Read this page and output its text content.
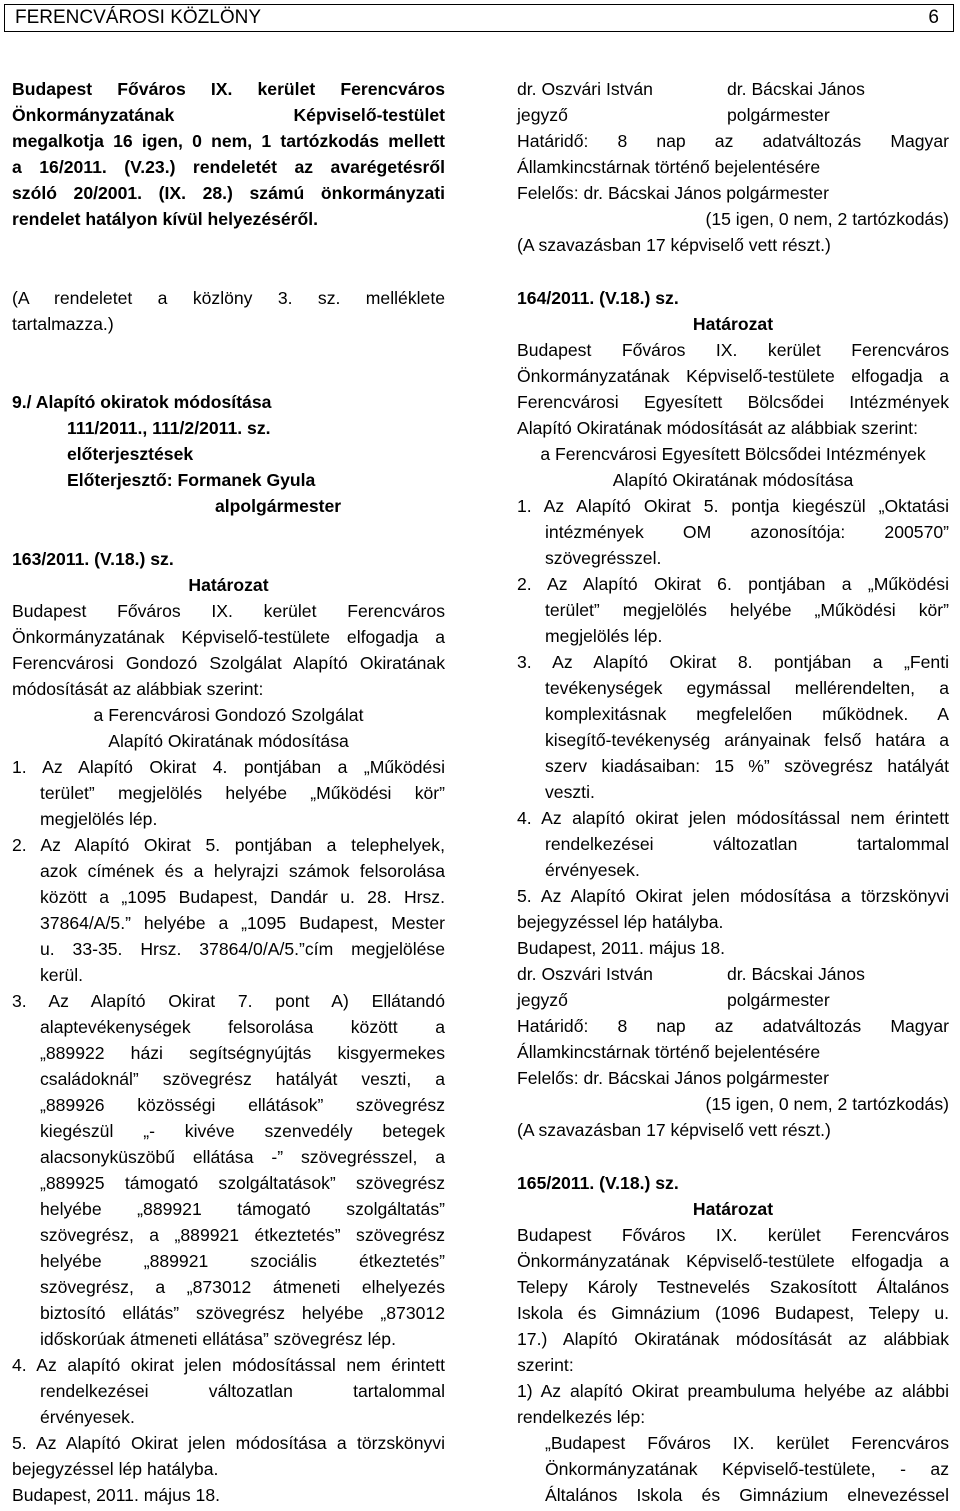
FERENCVÁROSI KÖZLÖNY	6
Budapest Főváros IX. kerület Ferencváros
Önkormányzatának Képviselő-testület
megalkotja 16 igen, 0 nem, 1 tartózkodás mellett
a 16/2011. (V.23.) rendeletét az avarégetésről
szóló 20/2001. (IX. 28.) számú önkormányzati
rendelet hatályon kívül helyezéséről.
(A rendeletet a közlöny 3. sz. melléklete
tartalmazza.)
9./ Alapító okiratok módosítása
111/2011., 111/2/2011. sz.
előterjesztések
Előterjesztő: Formanek Gyula
alpolgármester
163/2011. (V.18.) sz.
Határozat
Budapest Főváros IX. kerület Ferencváros
Önkormányzatának Képviselő-testülete elfogadja a
Ferencvárosi Gondozó Szolgálat Alapító Okiratának
módosítását az alábbiak szerint:
a Ferencvárosi Gondozó Szolgálat
Alapító Okiratának módosítása
1. Az Alapító Okirat 4. pontjában a „Működési
terület” megjelölés helyébe „Működési kör”
megjelölés lép.
2. Az Alapító Okirat 5. pontjában a telephelyek,
azok címének és a helyrajzi számok felsorolása
között a „1095 Budapest, Dandár u. 28. Hrsz.
37864/A/5.” helyébe a „1095 Budapest, Mester
u. 33-35. Hrsz. 37864/0/A/5.”cím megjelölése
kerül.
3. Az Alapító Okirat 7. pont A) Ellátandó
alaptevékenységek felsorolása között a
„889922 házi segítségnyújtás kisgyermekes
családoknál” szövegrész hatályát veszti, a
„889926 közösségi ellátások” szövegrész
kiegészül „- kivéve szenvedély betegek
alacsonyküszöbű ellátása -” szövegrésszel, a
„889925 támogató szolgáltatások” szövegrész
helyébe „889921 támogató szolgáltatás”
szövegrész, a „889921 étkeztetés” szövegrész
helyébe „889921 szociális étkeztetés”
szövegrész, a „873012 átmeneti elhelyezés
biztosító ellátás” szövegrész helyébe „873012
időskorúak átmeneti ellátása” szövegrész lép.
4. Az alapító okirat jelen módosítással nem érintett
rendelkezései változatlan tartalommal
érvényesek.
5. Az Alapító Okirat jelen módosítása a törzskönyvi
bejegyzéssel lép hatályba.
Budapest, 2011. május 18.
dr. Oszvári István	dr. Bácskai János
jegyző	polgármester
Határidő: 8 nap az adatváltozás Magyar
Államkincstárnak történő bejelentésére
Felelős: dr. Bácskai János polgármester
(15 igen, 0 nem, 2 tartózkodás)
(A szavazásban 17 képviselő vett részt.)
164/2011. (V.18.) sz.
Határozat
Budapest Főváros IX. kerület Ferencváros
Önkormányzatának Képviselő-testülete elfogadja a
Ferencvárosi Egyesített Bölcsődei Intézmények
Alapító Okiratának módosítását az alábbiak szerint:
a Ferencvárosi Egyesített Bölcsődei Intézmények
Alapító Okiratának módosítása
1. Az Alapító Okirat 5. pontja kiegészül „Oktatási
intézmények OM azonosítója: 200570”
szövegrésszel.
2. Az Alapító Okirat 6. pontjában a „Működési
terület” megjelölés helyébe „Működési kör”
megjelölés lép.
3. Az Alapító Okirat 8. pontjában a „Fenti
tevékenységek egymással mellérendelten, a
komplexitásnak megfelelően működnek. A
kisegítő-tevékenység arányainak felső határa a
szerv kiadásaiban: 15 %” szövegrész hatályát
veszti.
4. Az alapító okirat jelen módosítással nem érintett
rendelkezései változatlan tartalommal
érvényesek.
5. Az Alapító Okirat jelen módosítása a törzskönyvi
bejegyzéssel lép hatályba.
Budapest, 2011. május 18.
dr. Oszvári István	dr. Bácskai János
jegyző	polgármester
Határidő: 8 nap az adatváltozás Magyar
Államkincstárnak történő bejelentésére
Felelős: dr. Bácskai János polgármester
(15 igen, 0 nem, 2 tartózkodás)
(A szavazásban 17 képviselő vett részt.)
165/2011. (V.18.) sz.
Határozat
Budapest Főváros IX. kerület Ferencváros
Önkormányzatának Képviselő-testülete elfogadja a
Telepy Károly Testnevelés Szakosított Általános
Iskola és Gimnázium (1096 Budapest, Telepy u.
17.) Alapító Okiratának módosítását az alábbiak
szerint:
1) Az alapító Okirat preambuluma helyébe az alábbi
rendelkezés lép:
„Budapest Főváros IX. kerület Ferencváros
Önkormányzatának Képviselő-testülete, - az
Általános Iskola és Gimnázium elnevezéssel
